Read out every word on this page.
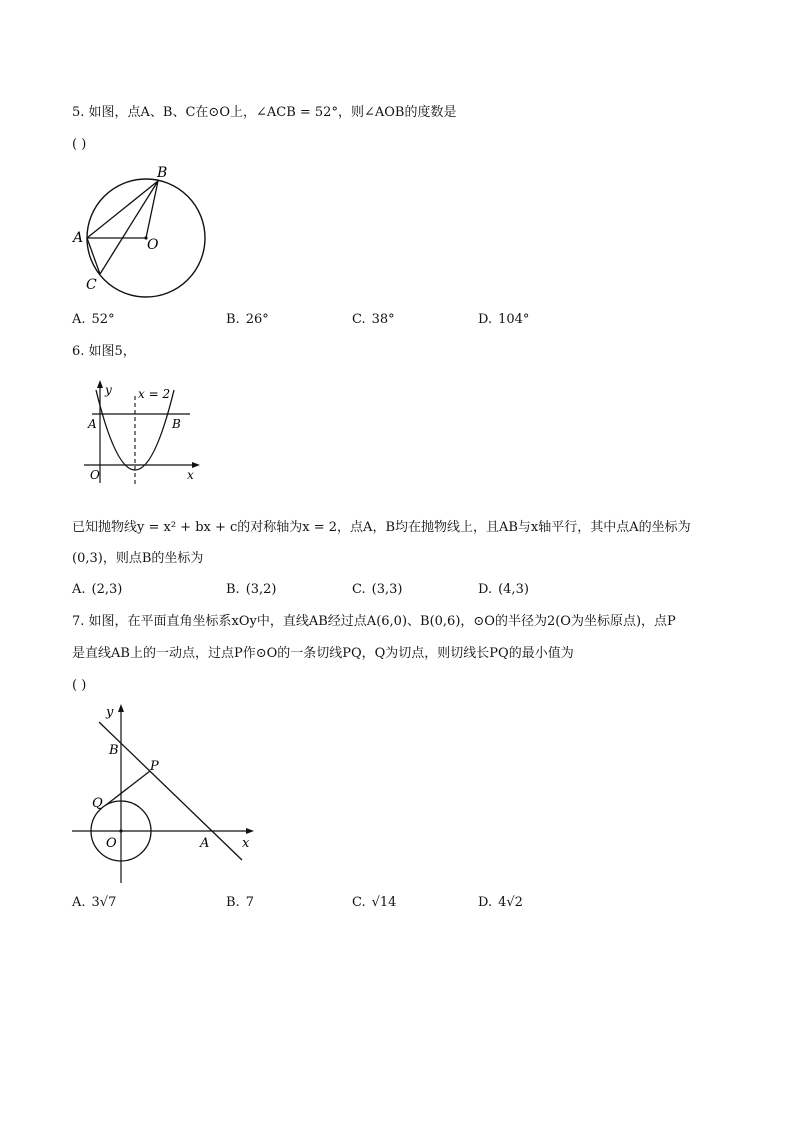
5. 如图，点A、B、C在⊙O上，∠ACB = 52°，则∠AOB的度数是
( )
B
A	O
C
A. 52°	B. 26°	C. 38°	D. 104°
6. 如图5，
y x = 2
A	B
O	x
已知抛物线y = x² + bx + c的对称轴为x = 2，点A，B均在抛物线上，且AB与x轴平行，其中点A的坐标为
(0,3)，则点B的坐标为
A. (2,3)	B. (3,2)	C. (3,3)	D. (4,3)
7. 如图，在平面直角坐标系xOy中，直线AB经过点A(6,0)、B(0,6)，⊙O的半径为2(O为坐标原点)，点P
是直线AB上的一动点，过点P作⊙O的一条切线PQ，Q为切点，则切线长PQ的最小值为
( )
y
B
P
Q
O	A	x
A. 3√7	B. 7	C. √14	D. 4√2
